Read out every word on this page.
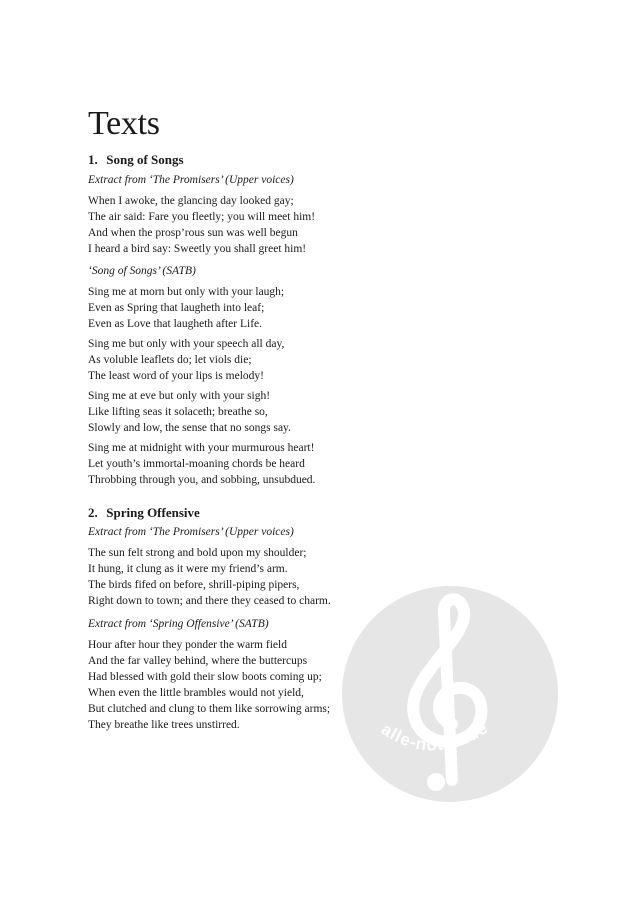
Texts
1. Song of Songs

Extract from ‘The Promisers’ (Upper voices)

When I awoke, the glancing day looked gay;
The air said: Fare you fleetly; you will meet him!
And when the prosp’rous sun was well begun
I heard a bird say: Sweetly you shall greet him!

‘Song of Songs’ (SATB)

Sing me at morn but only with your laugh;
Even as Spring that laugheth into leaf;
Even as Love that laugheth after Life.

Sing me but only with your speech all day,
As voluble leaflets do; let viols die;
The least word of your lips is melody!

Sing me at eve but only with your sigh!
Like lifting seas it solaceth; breathe so,
Slowly and low, the sense that no songs say.

Sing me at midnight with your murmurous heart!
Let youth’s immortal-moaning chords be heard
Throbbing through you, and sobbing, unsubdued.

2. Spring Offensive

Extract from ‘The Promisers’ (Upper voices)

The sun felt strong and bold upon my shoulder;
It hung, it clung as it were my friend’s arm.
The birds fifed on before, shrill-piping pipers,
Right down to town; and there they ceased to charm.

Extract from ‘Spring Offensive’ (SATB)

Hour after hour they ponder the warm field
And the far valley behind, where the buttercups
Had blessed with gold their slow boots coming up;
When even the little brambles would not yield,
But clutched and clung to them like sorrowing arms;
They breathe like trees unstirred.	alle-noten.de
